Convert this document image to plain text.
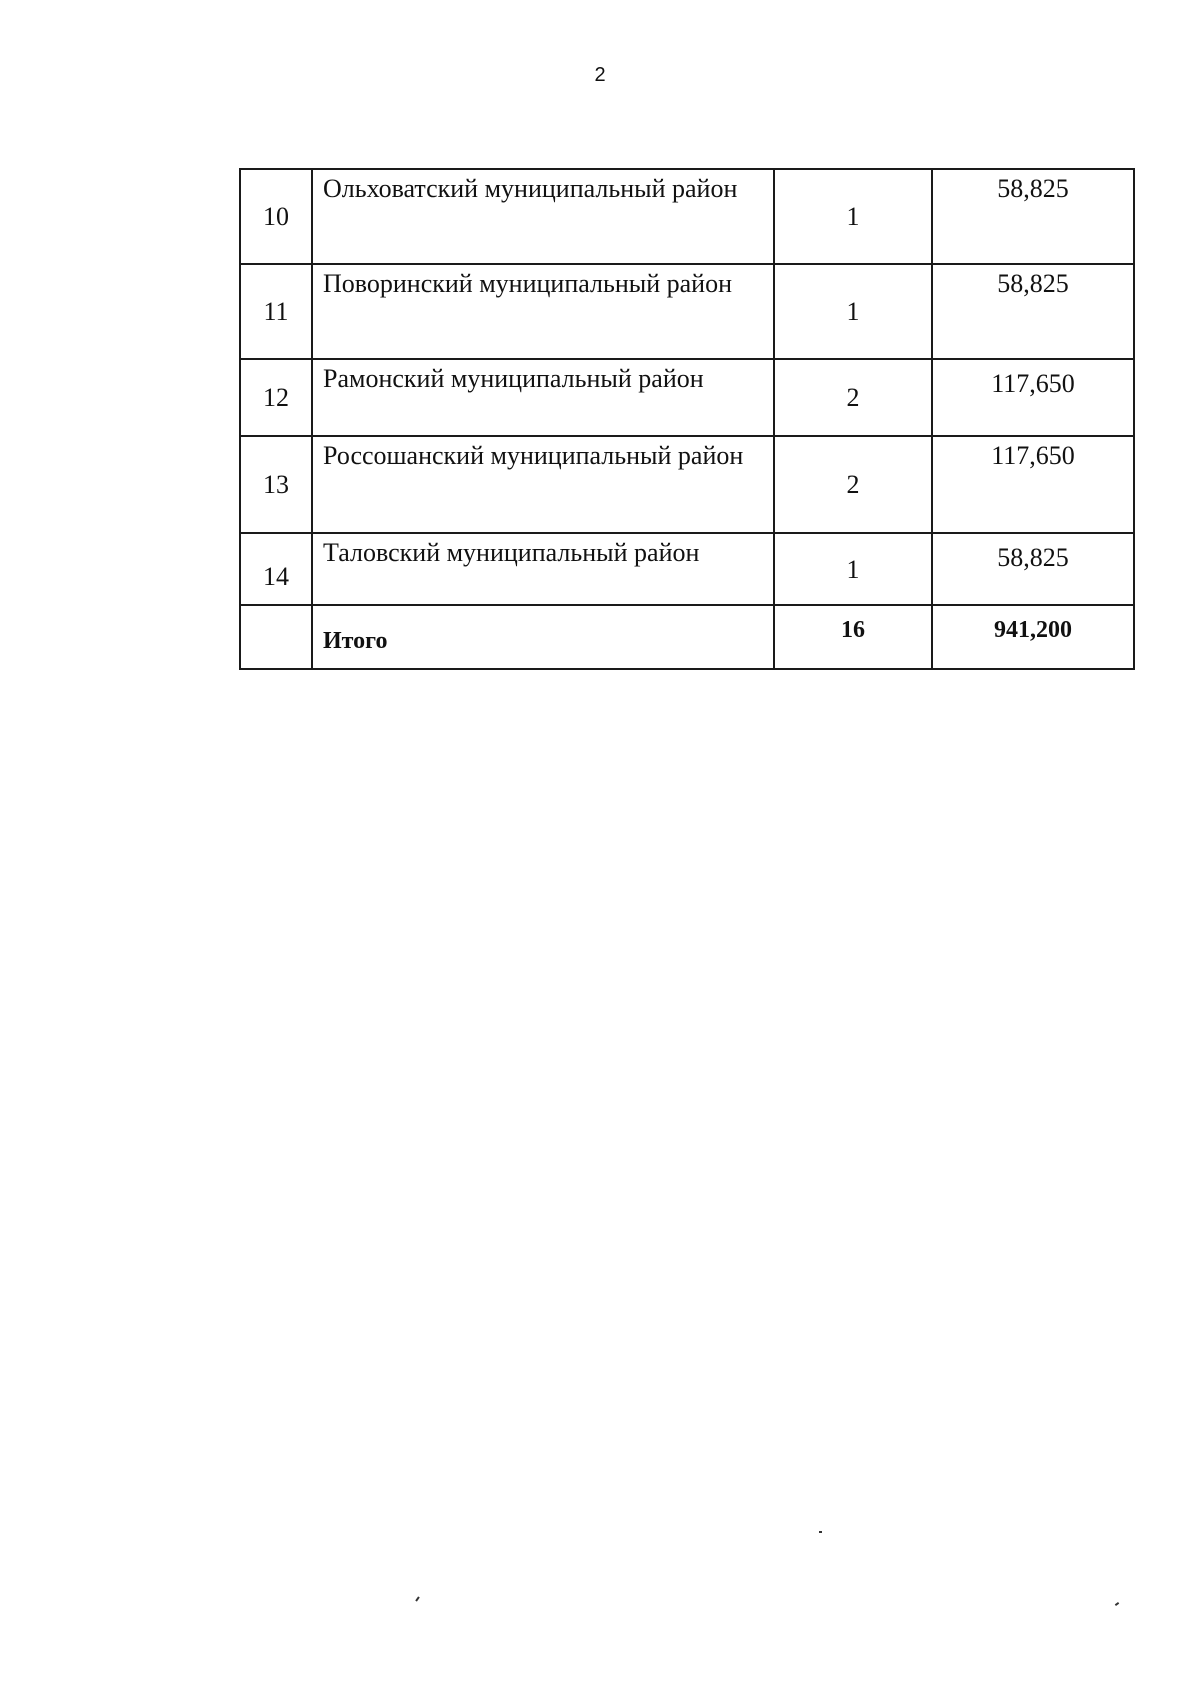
2
10	Ольховатский муниципальный район	1	58,825
11	Поворинский муниципальный район	1	58,825
12	Рамонский муниципальный район	2	117,650
13	Россошанский муниципальный район	2	117,650
14	Таловский муниципальный район	1	58,825
	Итого	16	941,200
